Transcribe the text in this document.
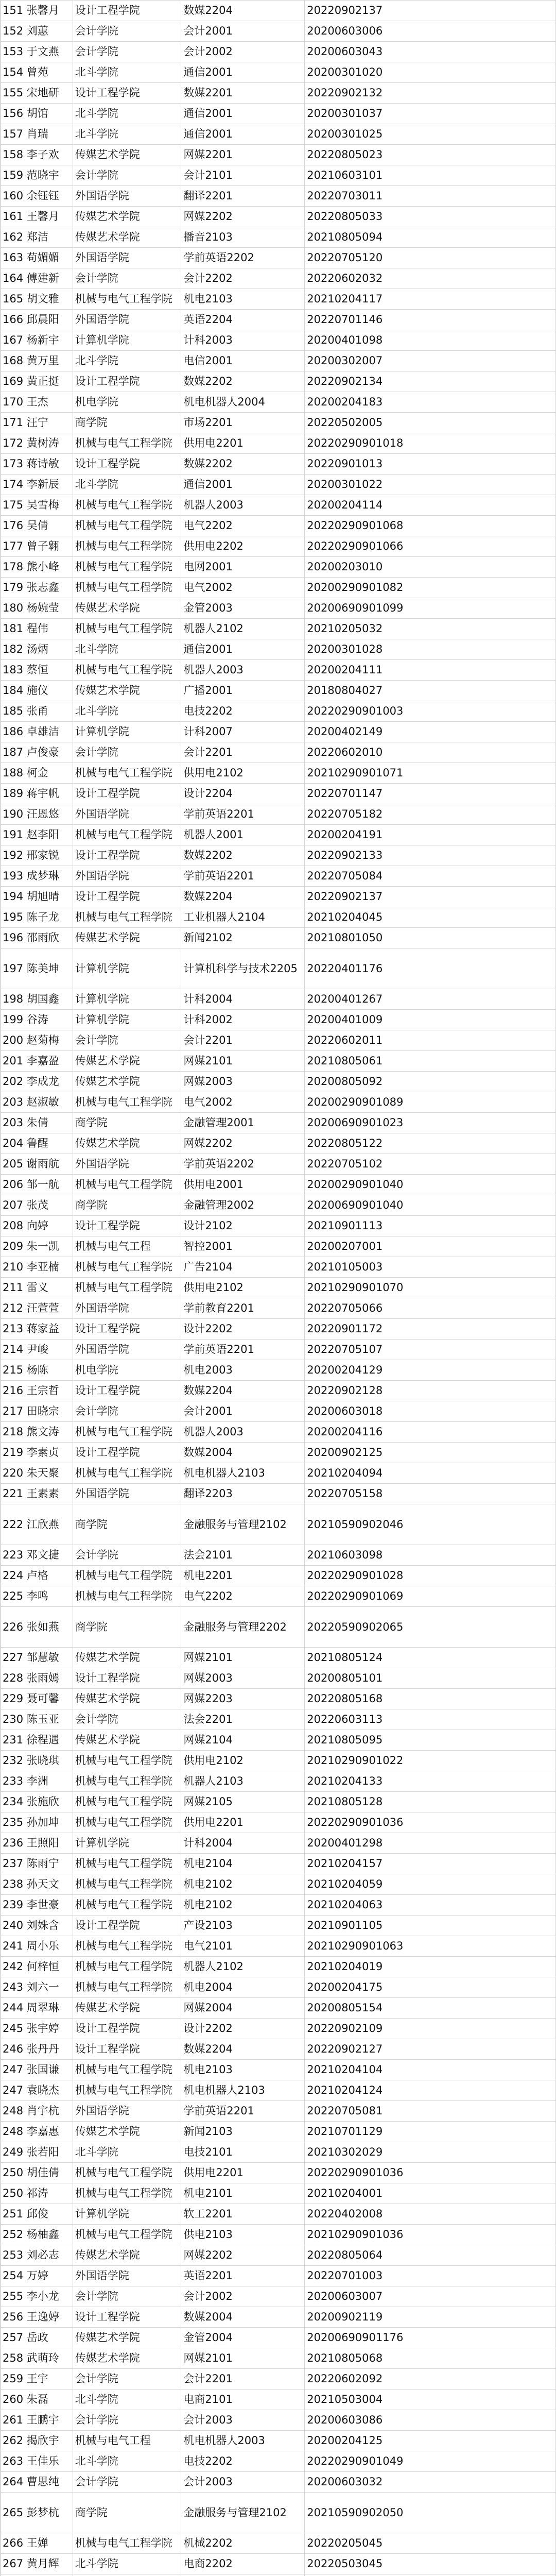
151 张馨月	设计工程学院	数媒2204	20220902137
152 刘蕙	会计学院	会计2001	20200603006
153 于文燕	会计学院	会计2002	20200603043
154 曾苑	北斗学院	通信2001	20200301020
155 宋地研	设计工程学院	数媒2201	20220902132
156 胡馆	北斗学院	通信2001	20200301037
157 肖瑞	北斗学院	通信2001	20200301025
158 李子欢	传媒艺术学院	网媒2201	20220805023
159 范晓宇	会计学院	会计2101	20210603101
160 余钰钰	外国语学院	翻译2201	20220703011
161 王馨月	传媒艺术学院	网媒2202	20220805033
162 郑洁	传媒艺术学院	播音2103	20210805094
163 苟媚媚	外国语学院	学前英语2202	20220705120
164 傅建新	会计学院	会计2202	20220602032
165 胡文雅	机械与电气工程学院	机电2103	20210204117
166 邱晨阳	外国语学院	英语2204	20220701146
167 杨新宇	计算机学院	计科2003	20200401098
168 黄万里	北斗学院	电信2001	20200302007
169 黄正挺	设计工程学院	数媒2202	20220902134
170 王杰	机电学院	机电机器人2004	20200204183
171 汪宁	商学院	市场2201	20220502005
172 黄树涛	机械与电气工程学院	供用电2201	20220290901018
173 蒋诗敏	设计工程学院	数媒2202	20220901013
174 李新辰	北斗学院	通信2001	20200301022
175 吴雪梅	机械与电气工程学院	机器人2003	20200204114
176 吴倩	机械与电气工程学院	电气2202	20220290901068
177 曾子翱	机械与电气工程学院	供用电2202	20220290901066
178 熊小峰	机械与电气工程学院	电网2001	20200203010
179 张志鑫	机械与电气工程学院	电气2002	20200290901082
180 杨婉莹	传媒艺术学院	金管2003	20200690901099
181 程伟	机械与电气工程学院	机器人2102	20210205032
182 汤炳	北斗学院	通信2001	20200301028
183 蔡恒	机械与电气工程学院	机器人2003	20200204111
184 施仪	传媒艺术学院	广播2001	20180804027
185 张甬	北斗学院	电技2202	20220290901003
186 卓雄洁	计算机学院	计科2007	20200402149
187 卢俊豪	会计学院	会计2201	20220602010
188 柯金	机械与电气工程学院	供用电2102	20210290901071
189 蒋宇帆	设计工程学院	设计2204	20220701147
190 汪恩悠	外国语学院	学前英语2201	20220705182
191 赵李阳	机械与电气工程学院	机器人2001	20200204191
192 邢家锐	设计工程学院	数媒2202	20220902133
193 成梦琳	外国语学院	学前英语2201	20220705084
194 胡旭晴	设计工程学院	数媒2204	20220902137
195 陈子龙	机械与电气工程学院	工业机器人2104	20210204045
196 邵雨欣	传媒艺术学院	新闻2102	20210801050
197 陈美坤	计算机学院	计算机科学与技术2205	20220401176
198 胡国鑫	计算机学院	计科2004	20200401267
199 谷涛	计算机学院	计科2002	20200401009
200 赵菊梅	会计学院	会计2201	20220602011
201 李嘉盈	传媒艺术学院	网媒2101	20210805061
202 李成龙	传媒艺术学院	网媒2003	20200805092
203 赵淑敏	机械与电气工程学院	电气2002	20200290901089
203 朱倩	商学院	金融管理2001	20200690901023
204 鲁醒	传媒艺术学院	网媒2202	20220805122
205 谢雨航	外国语学院	学前英语2202	20220705102
206 邹一航	机械与电气工程学院	供用电2001	20200290901040
207 张茂	商学院	金融管理2002	20200690901040
208 向婷	设计工程学院	设计2102	20210901113
209 朱一凯	机械与电气工程	智控2001	20200207001
210 李亚楠	机械与电气工程学院	广告2104	20210105003
211 雷义	机械与电气工程学院	供用电2102	20210290901070
212 汪萱萱	外国语学院	学前教育2201	20220705066
213 蒋家益	设计工程学院	设计2202	20220901172
214 尹峻	外国语学院	学前英语2201	20220705107
215 杨陈	机电学院	机电2003	20200204129
216 王宗哲	设计工程学院	数媒2204	20220902128
217 田晓宗	会计学院	会计2001	20200603018
218 熊文涛	机械与电气工程学院	机器人2003	20200204116
219 李素贞	设计工程学院	数媒2004	20200902125
220 朱天聚	机械与电气工程学院	机电机器人2103	20210204094
221 王素素	外国语学院	翻译2203	20220705158
222 江欣燕	商学院	金融服务与管理2102	20210590902046
223 邓文捷	会计学院	法会2101	20210603098
224 卢格	机械与电气工程学院	机电2201	20220290901028
225 李鸣	机械与电气工程学院	电气2202	20220290901069
226 张如燕	商学院	金融服务与管理2202	20220590902065
227 邹慧敏	传媒艺术学院	网媒2101	20210805124
228 张雨嫣	设计工程学院	网媒2003	20200805101
229 聂可馨	传媒艺术学院	网媒2203	20220805168
230 陈玉亚	会计学院	法会2201	20220603113
231 徐程遇	传媒艺术学院	网媒2104	20210805095
232 张晓琪	机械与电气工程学院	供用电2102	20210290901022
233 李洲	机械与电气工程学院	机器人2103	20210204133
234 张施欣	机械与电气工程学院	网媒2105	20210805128
235 孙加坤	机械与电气工程学院	供用电2201	20220290901036
236 王照阳	计算机学院	计科2004	20200401298
237 陈雨宁	机械与电气工程学院	机电2104	20210204157
238 孙天文	机械与电气工程学院	机电2102	20210204059
239 李世豪	机械与电气工程学院	机电2102	20210204063
240 刘姝含	设计工程学院	产设2103	20210901105
241 周小乐	机械与电气工程学院	电气2101	20210290901063
242 何梓恒	机械与电气工程学院	机器人2102	20210204019
243 刘六一	机械与电气工程学院	机电2004	20200204175
244 周翠琳	传媒艺术学院	网媒2004	20200805154
245 张宇婷	设计工程学院	设计2202	20220902109
246 张丹丹	设计工程学院	数媒2204	20220902127
247 张国谦	机械与电气工程学院	机电2103	20210204104
247 袁晓杰	机械与电气工程学院	机电机器人2103	20210204124
248 肖宇杭	外国语学院	学前英语2201	20220705081
248 李嘉惠	传媒艺术学院	新闻2103	20210701129
249 张若阳	北斗学院	电技2101	20210302029
250 胡佳倩	机械与电气工程学院	供用电2201	20220290901036
250 祁涛	机械与电气工程学院	机电2101	20210204001
251 邱俊	计算机学院	软工2201	20220402008
252 杨柚鑫	机械与电气工程学院	供电2103	20210290901036
253 刘必志	传媒艺术学院	网媒2202	20220805064
254 万婷	外国语学院	英语2201	20220701003
255 李小龙	会计学院	会计2002	20200603007
256 王逸婷	设计工程学院	数媒2004	20200902119
257 岳政	传媒艺术学院	金管2004	20200690901176
258 武萌玲	传媒艺术学院	网媒2101	20210805068
259 王宇	会计学院	会计2201	20220602092
260 朱磊	北斗学院	电商2101	20210503004
261 王鹏宇	会计学院	会计2003	20200603086
262 揭欣宇	机械与电气工程	机电机器人2003	20200204125
263 王佳乐	北斗学院	电技2202	20220290901049
264 曹思纯	会计学院	会计2003	20200603032
265 彭梦杭	商学院	金融服务与管理2102	20210590902050
266 王婵	机械与电气工程学院	机械2202	20220205045
267 黄月辉	北斗学院	电商2202	20220503045
